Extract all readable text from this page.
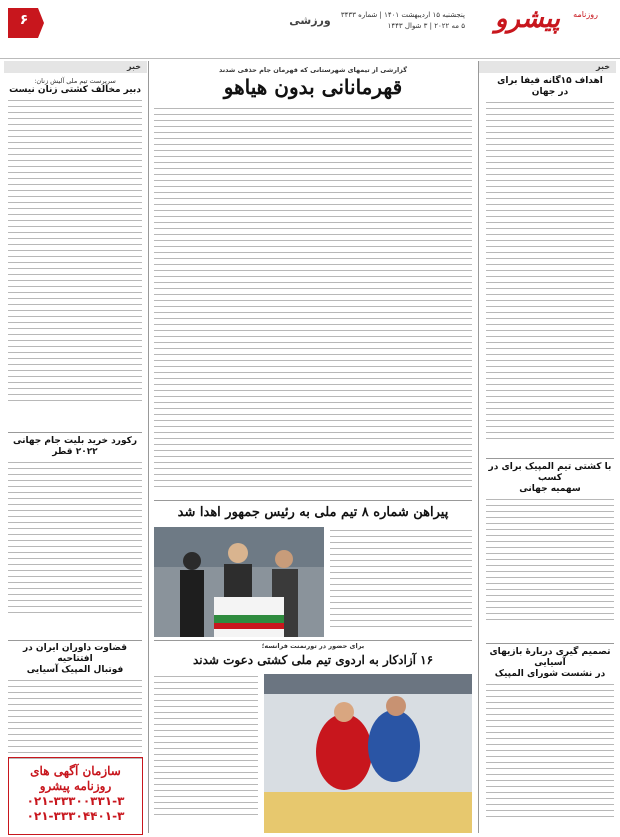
روزنامه
پیشرو
پنجشنبه ۱۵ اردیبهشت ۱۴۰۱ | شماره ۳۴۳۳
۵ مه ۲۰۲۲ | ۳ شوال ۱۴۴۳
ورزشی
۶
خبر
خبر
اهداف ۱۵گانه فیفا برای
در جهان
با کشتی تیم المپیک برای در کسب
سهمیه جهانی
تصمیم گیری دربارهٔ بازیهای آسیایی
در نشست شورای المپیک
گزارشی از تیمهای شهرستانی که قهرمان جام حذفی شدند
قهرمانانی بدون هیاهو
پیراهن شماره ۸ تیم ملی به رئیس جمهور اهدا شد
برای حضور در تورنمنت فرانسه؛
۱۶ آزادکار به اردوی تیم ملی کشتی دعوت شدند
سرپرست تیم ملی آلیش زنان:
دبیر مخالف کشتی زنان نیست
رکورد خرید بلیت جام جهانی
۲۰۲۲ قطر
قضاوت داوران ایران در افتتاحیه
فوتبال المپیک آسیایی
سازمان آگهی های
روزنامه پیشرو
۰۲۱-۳۳۳۰۰۳۳۱-۳
۰۲۱-۳۳۳۰۴۴۰۱-۳
